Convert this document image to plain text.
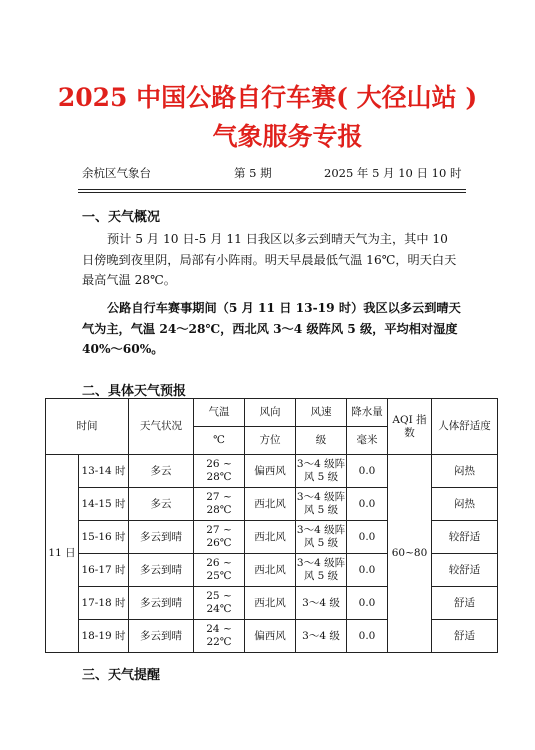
2025 中国公路自行车赛( 大径山站 )
气象服务专报
余杭区气象台	第 5 期	2025 年 5 月 10 日 10 时
一、天气概况
预计 5 月 10 日-5 月 11 日我区以多云到晴天气为主，其中 10 日傍晚到夜里阴，局部有小阵雨。明天早晨最低气温 16℃，明天白天最高气温 28℃。
公路自行车赛事期间（5 月 11 日 13-19 时）我区以多云到晴天气为主，气温 24～28℃，西北风 3～4 级阵风 5 级，平均相对湿度 40%～60%。
二、具体天气预报
时间		天气状况	气温	风向	风速	降水量	AQI 指数	人体舒适度
			℃	方位	级	毫米		
11 日	13-14 时	多云	26 ~ 28℃	偏西风	3～4 级阵风 5 级	0.0	60~80	闷热
	14-15 时	多云	27 ~ 28℃	西北风	3～4 级阵风 5 级	0.0		闷热
	15-16 时	多云到晴	27 ~ 26℃	西北风	3～4 级阵风 5 级	0.0		较舒适
	16-17 时	多云到晴	26 ~ 25℃	西北风	3～4 级阵风 5 级	0.0		较舒适
	17-18 时	多云到晴	25 ~ 24℃	西北风	3～4 级	0.0		舒适
	18-19 时	多云到晴	24 ~ 22℃	偏西风	3～4 级	0.0		舒适
三、天气提醒
